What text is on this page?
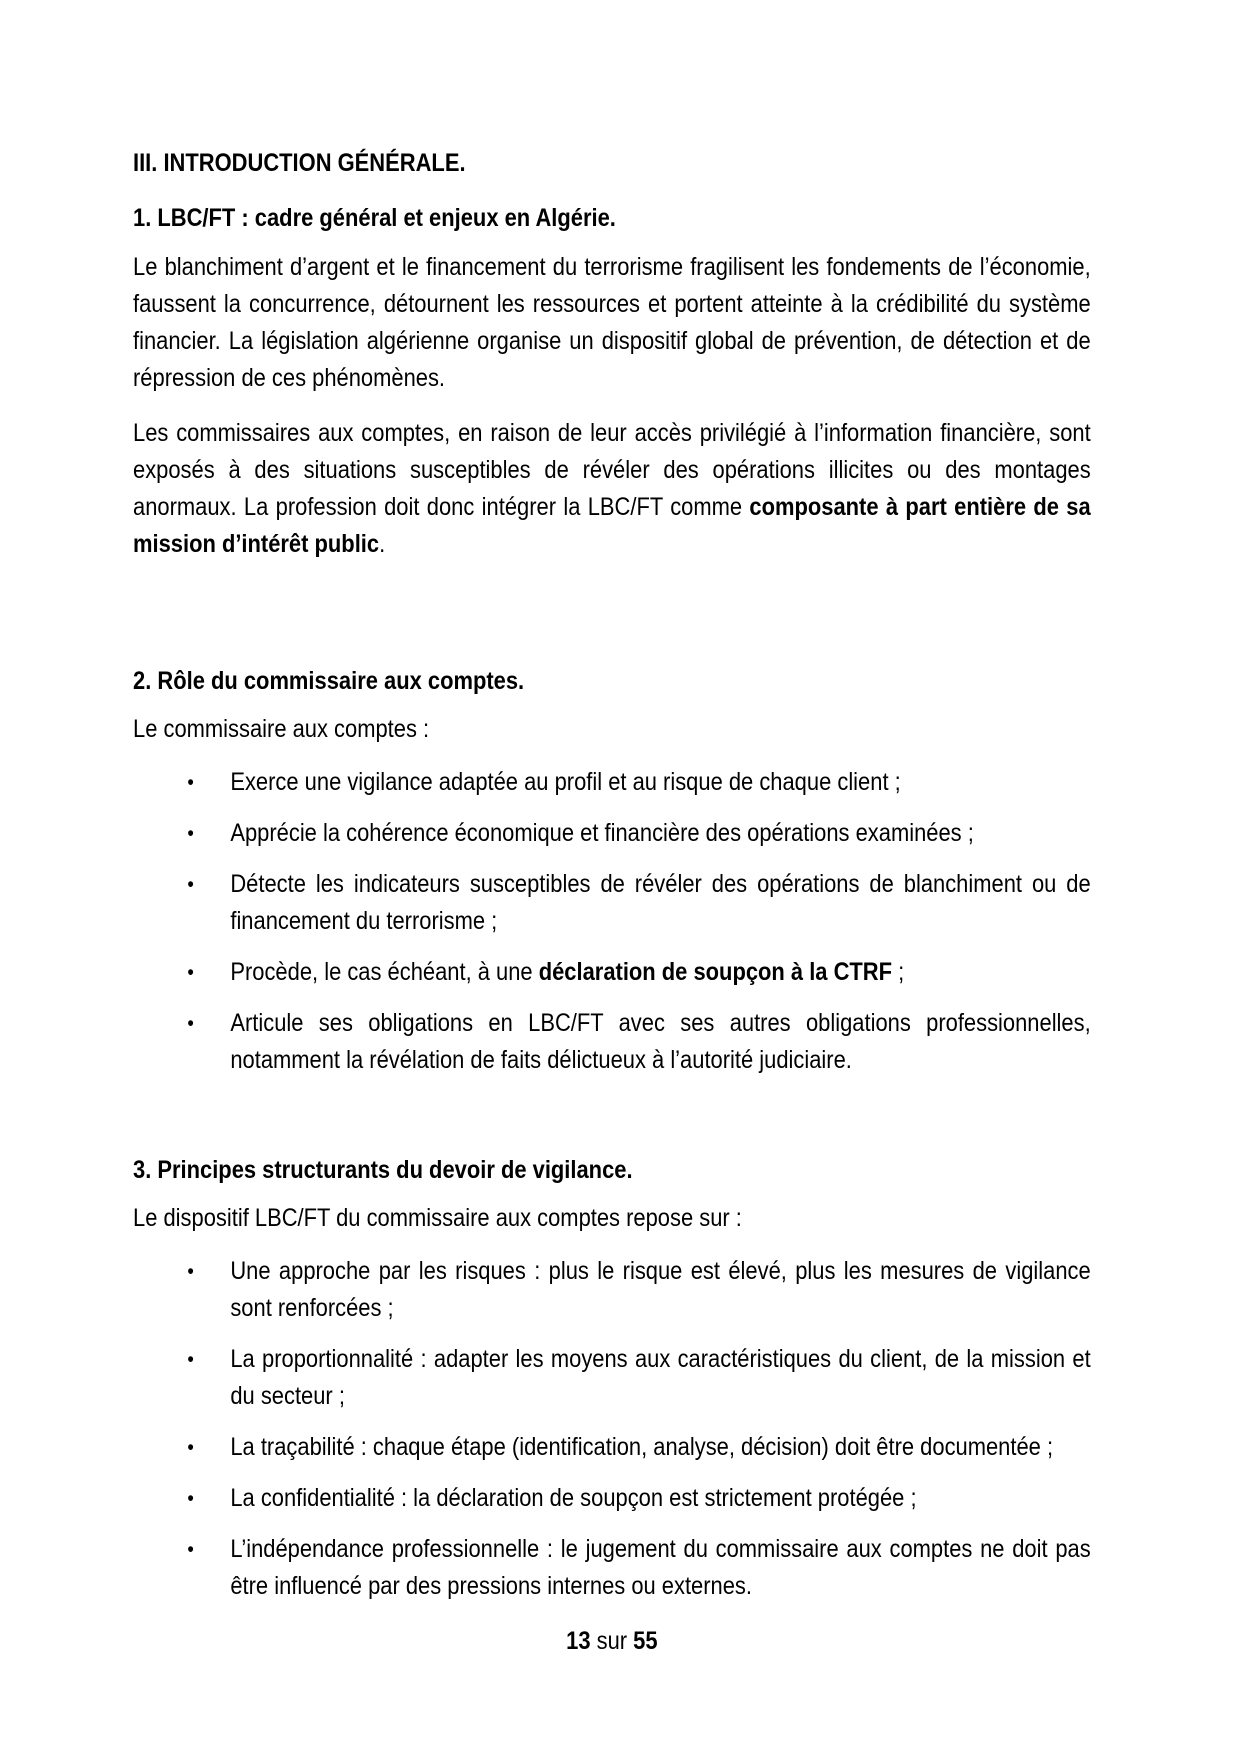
III. INTRODUCTION GÉNÉRALE.
1. LBC/FT : cadre général et enjeux en Algérie.

Le blanchiment d’argent et le financement du terrorisme fragilisent les fondements de l’économie, faussent la concurrence, détournent les ressources et portent atteinte à la crédibilité du système financier. La législation algérienne organise un dispositif global de prévention, de détection et de répression de ces phénomènes.

Les commissaires aux comptes, en raison de leur accès privilégié à l’information financière, sont exposés à des situations susceptibles de révéler des opérations illicites ou des montages anormaux. La profession doit donc intégrer la LBC/FT comme composante à part entière de sa mission d’intérêt public.

2. Rôle du commissaire aux comptes.

Le commissaire aux comptes :

• Exerce une vigilance adaptée au profil et au risque de chaque client ;
• Apprécie la cohérence économique et financière des opérations examinées ;
• Détecte les indicateurs susceptibles de révéler des opérations de blanchiment ou de financement du terrorisme ;
• Procède, le cas échéant, à une déclaration de soupçon à la CTRF ;
• Articule ses obligations en LBC/FT avec ses autres obligations professionnelles, notamment la révélation de faits délictueux à l’autorité judiciaire.
3. Principes structurants du devoir de vigilance.

Le dispositif LBC/FT du commissaire aux comptes repose sur :

• Une approche par les risques : plus le risque est élevé, plus les mesures de vigilance sont renforcées ;
• La proportionnalité : adapter les moyens aux caractéristiques du client, de la mission et du secteur ;
• La traçabilité : chaque étape (identification, analyse, décision) doit être documentée ;
• La confidentialité : la déclaration de soupçon est strictement protégée ;
• L’indépendance professionnelle : le jugement du commissaire aux comptes ne doit pas être influencé par des pressions internes ou externes.
13 sur 55
